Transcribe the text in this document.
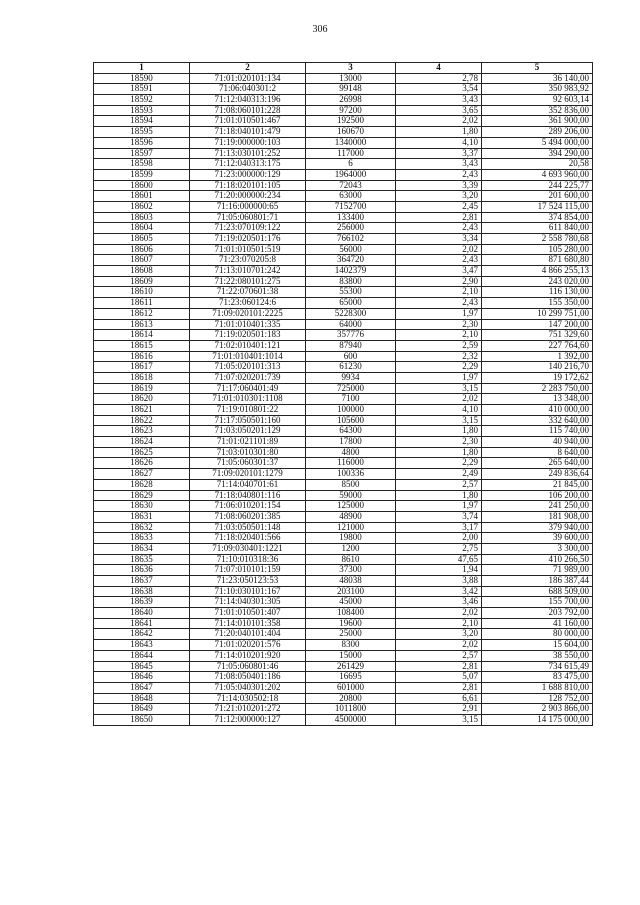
306
1	2	3	4	5
18590	71:01:020101:134	13000	2,78	36 140,00
18591	71:06:040301:2	99148	3,54	350 983,92
18592	71:12:040313:196	26998	3,43	92 603,14
18593	71:08:060101:228	97200	3,65	352 836,00
18594	71:01:010501:467	192500	2,02	361 900,00
18595	71:18:040101:479	160670	1,80	289 206,00
18596	71:19:000000:103	1340000	4,10	5 494 000,00
18597	71:13:030101:252	117000	3,37	394 290,00
18598	71:12:040313:175	6	3,43	20,58
18599	71:23:000000:129	1964000	2,43	4 693 960,00
18600	71:18:020101:105	72043	3,39	244 225,77
18601	71:20:000000:234	63000	3,20	201 600,00
18602	71:16:000000:65	7152700	2,45	17 524 115,00
18603	71:05:060801:71	133400	2,81	374 854,00
18604	71:23:070109:122	256000	2,43	611 840,00
18605	71:19:020501:176	766102	3,34	2 558 780,68
18606	71:01:010501:519	56000	2,02	105 280,00
18607	71:23:070205:8	364720	2,43	871 680,80
18608	71:13:010701:242	1402379	3,47	4 866 255,13
18609	71:22:080101:275	83800	2,90	243 020,00
18610	71:22:070601:38	55300	2,10	116 130,00
18611	71:23:060124:6	65000	2,43	155 350,00
18612	71:09:020101:2225	5228300	1,97	10 299 751,00
18613	71:01:010401:335	64000	2,30	147 200,00
18614	71:19:020501:183	357776	2,10	751 329,60
18615	71:02:010401:121	87940	2,59	227 764,60
18616	71:01:010401:1014	600	2,32	1 392,00
18617	71:05:020101:313	61230	2,29	140 216,70
18618	71:07:020201:739	9934	1,97	19 172,62
18619	71:17:060401:49	725000	3,15	2 283 750,00
18620	71:01:010301:1108	7100	2,02	13 348,00
18621	71:19:010801:22	100000	4,10	410 000,00
18622	71:17:050501:160	105600	3,15	332 640,00
18623	71:03:050201:129	64300	1,80	115 740,00
18624	71:01:021101:89	17800	2,30	40 940,00
18625	71:03:010301:80	4800	1,80	8 640,00
18626	71:05:060301:37	116000	2,29	265 640,00
18627	71:09:020101:1279	100336	2,49	249 836,64
18628	71:14:040701:61	8500	2,57	21 845,00
18629	71:18:040801:116	59000	1,80	106 200,00
18630	71:06:010201:154	125000	1,97	241 250,00
18631	71:08:060201:385	48900	3,74	181 908,00
18632	71:03:050501:148	121000	3,17	379 940,00
18633	71:18:020401:566	19800	2,00	39 600,00
18634	71:09:030401:1221	1200	2,75	3 300,00
18635	71:10:010318:36	8610	47,65	410 266,50
18636	71:07:010101:159	37300	1,94	71 989,00
18637	71:23:050123:53	48038	3,88	186 387,44
18638	71:10:030101:167	203100	3,42	688 509,00
18639	71:14:040301:305	45000	3,46	155 700,00
18640	71:01:010501:407	108400	2,02	203 792,00
18641	71:14:010101:358	19600	2,10	41 160,00
18642	71:20:040101:404	25000	3,20	80 000,00
18643	71:01:020201:576	8300	2,02	15 604,00
18644	71:14:010201:920	15000	2,57	38 550,00
18645	71:05:060801:46	261429	2,81	734 615,49
18646	71:08:050401:186	16695	5,07	83 475,00
18647	71:05:040301:202	601000	2,81	1 688 810,00
18648	71:14:030502:18	20800	6,61	128 752,00
18649	71:21:010201:272	1011800	2,91	2 903 866,00
18650	71:12:000000:127	4500000	3,15	14 175 000,00
